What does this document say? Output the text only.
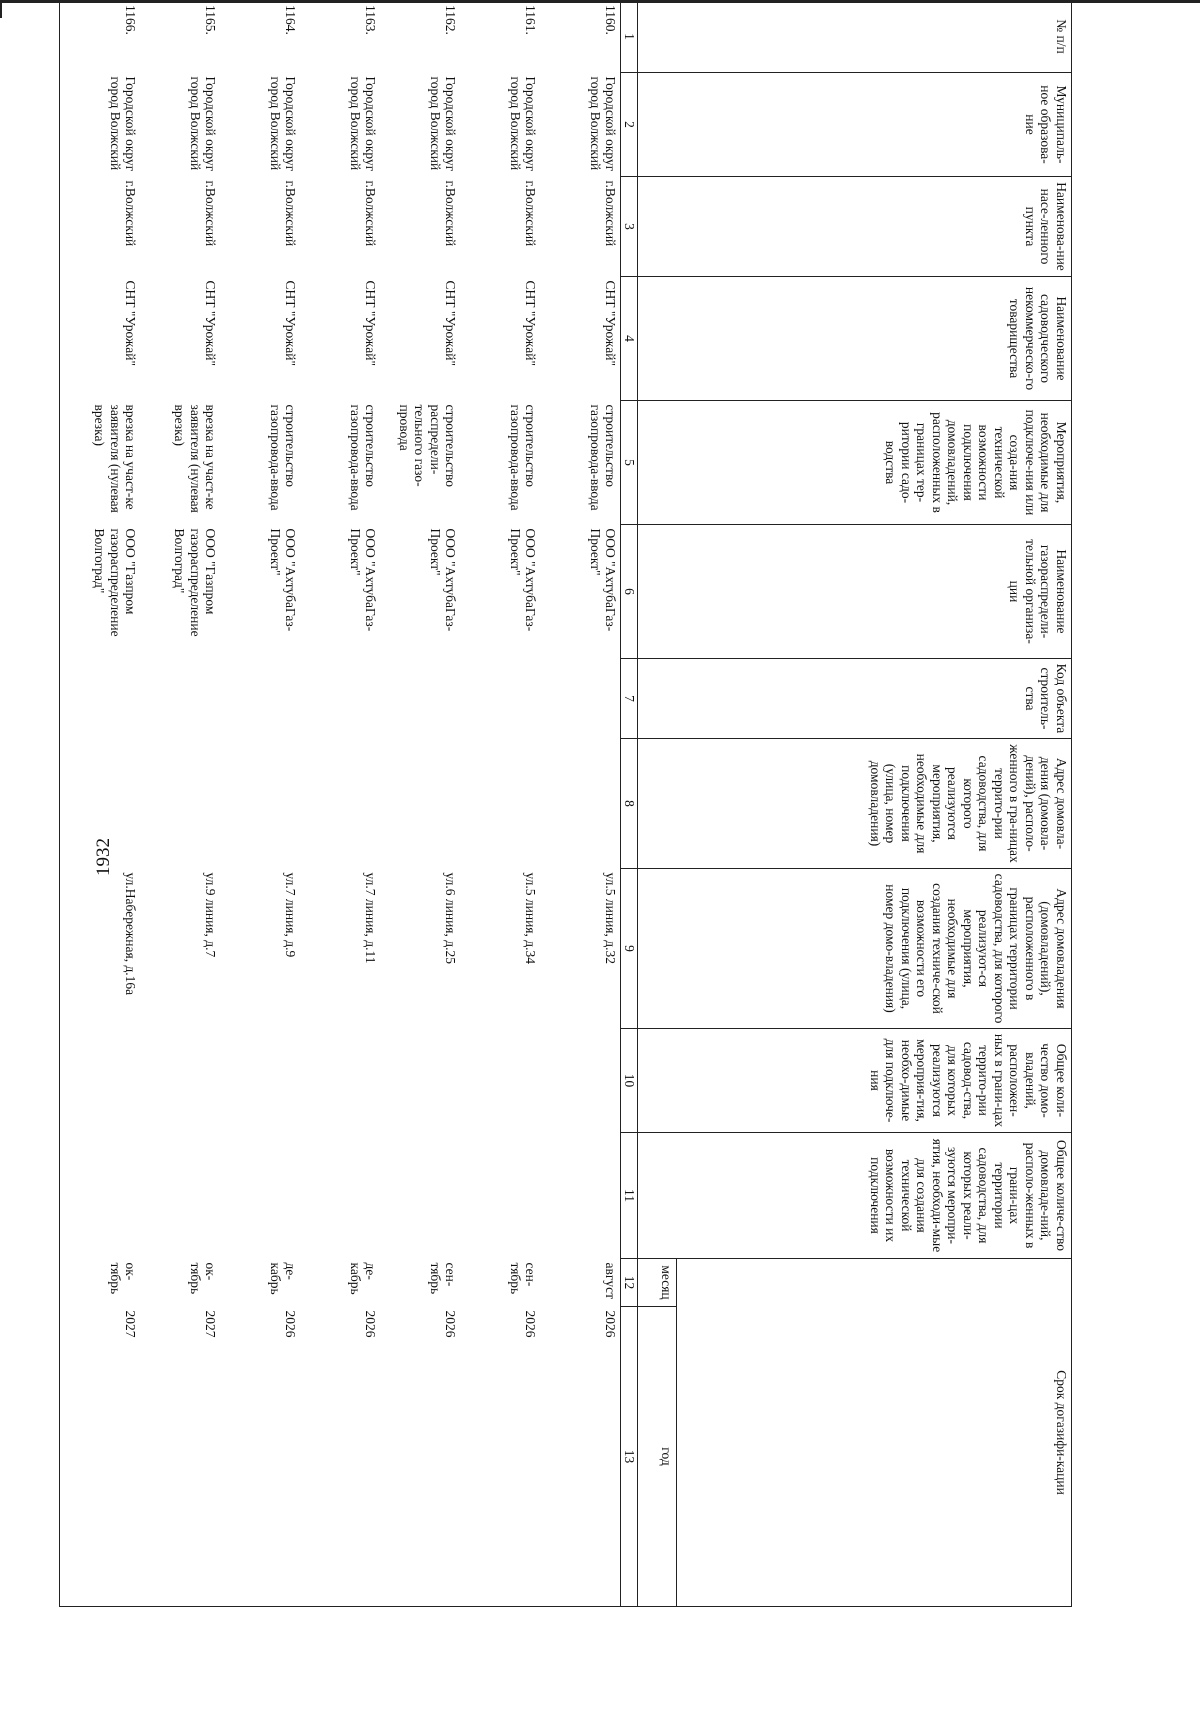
1932
№ п/п	Муниципаль-ное образова-ние	Наименова-ние насе-ленного пункта	Наименование садоводческого некоммерческо-го товарищества	Мероприятия, необходимые для подключе-ния или созда-ния технической возможности подключения домовладений, расположенных в границах тер-ритории садо-водства	Наименование газораспредели-тельной организа-ции	Код объекта строитель-ства	Адрес домовла-дения (домовла-дений), располо-женного в гра-ницах террито-рии садоводства, для которого реализуются мероприятия, необходимые для подключения (улица, номер домовладения)	Адрес домовладения (домовладений), расположенного в границах территории садоводства, для которого реализуют-ся мероприятия, необходимые для создания техниче-ской возможности его подключения (улица, номер домо-владения)	Общее коли-чество домо-владений, расположен-ных в грани-цах террито-рии садовод-ства, для которых реализуются мероприя-тия, необхо-димые для подключе-ния	Общее количе-ство домовладе-ний, располо-женных в грани-цах территории садоводства, для которых реали-зуются меропри-ятия, необходи-мые для создания технической возможности их подключения	Срок догазифи-кации	
											месяц	год
1	2	3	4	5	6	7	8	9	10	11	12	13
1160.	Городской округ город Волжский	г.Волжский	СНТ "Урожай"	строительство газопровода-ввода	ООО "АхтубаГаз-Проект"			ул.5 линия, д.32			август	2026
1161.	Городской округ город Волжский	г.Волжский	СНТ "Урожай"	строительство газопровода-ввода	ООО "АхтубаГаз-Проект"			ул.5 линия, д.34			сен-тябрь	2026
1162.	Городской округ город Волжский	г.Волжский	СНТ "Урожай"	строительство распредели-тельного газо-провода	ООО "АхтубаГаз-Проект"			ул.6 линия, д.25			сен-тябрь	2026
1163.	Городской округ город Волжский	г.Волжский	СНТ "Урожай"	строительство газопровода-ввода	ООО "АхтубаГаз-Проект"			ул.7 линия, д.11			де-кабрь	2026
1164.	Городской округ город Волжский	г.Волжский	СНТ "Урожай"	строительство газопровода-ввода	ООО "АхтубаГаз-Проект"			ул.7 линия, д.9			де-кабрь	2026
1165.	Городской округ город Волжский	г.Волжский	СНТ "Урожай"	врезка на участ-ке заявителя (нулевая врезка)	ООО "Газпром газораспределение Волгоград"			ул.9 линия, д.7			ок-тябрь	2027
1166.	Городской округ город Волжский	г.Волжский	СНТ "Урожай"	врезка на участ-ке заявителя (нулевая врезка)	ООО "Газпром газораспределение Волгоград"			ул.Набережная, д.16а			ок-тябрь	2027
